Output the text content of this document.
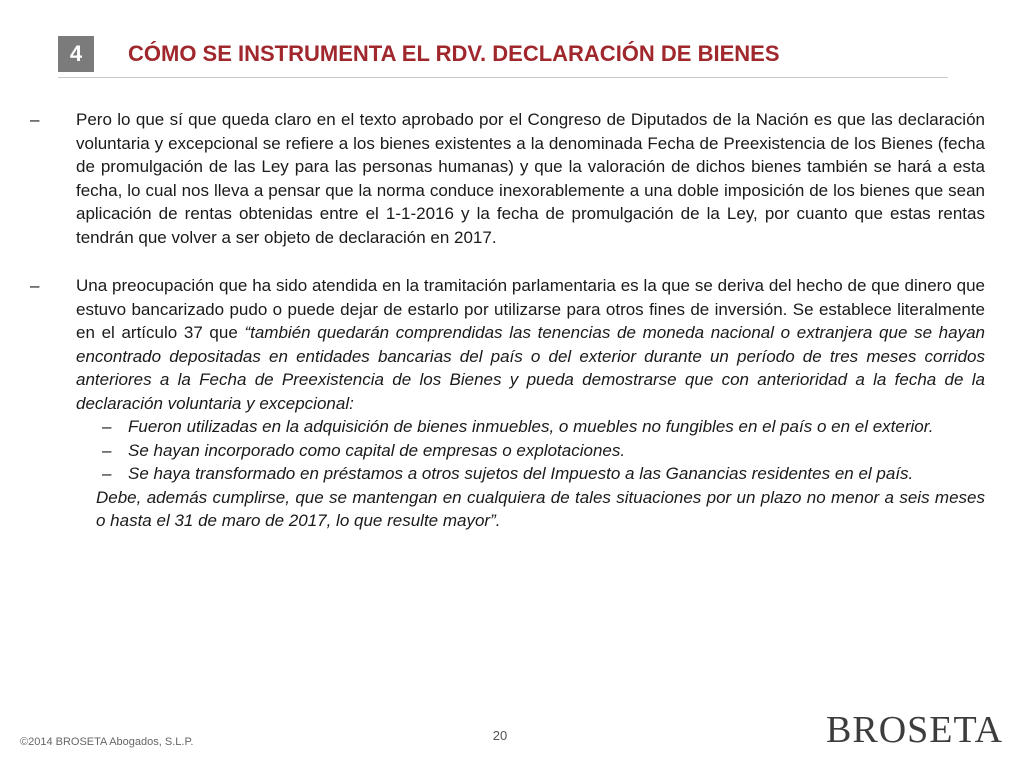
4	CÓMO SE INSTRUMENTA EL RDV. DECLARACIÓN DE BIENES
–	Pero lo que sí que queda claro en el texto aprobado por el Congreso de Diputados de la Nación es que las declaración voluntaria y excepcional se refiere a los bienes existentes a la denominada Fecha de Preexistencia de los Bienes (fecha de promulgación de las Ley para las personas humanas) y que la valoración de dichos bienes también se hará a esta fecha, lo cual nos lleva a pensar que la norma conduce inexorablemente a una doble imposición de los bienes que sean aplicación de rentas obtenidas entre el 1-1-2016 y la fecha de promulgación de la Ley, por cuanto que estas rentas tendrán que volver a ser objeto de declaración en 2017.

–	Una preocupación que ha sido atendida en la tramitación parlamentaria es la que se deriva del hecho de que dinero que estuvo bancarizado pudo o puede dejar de estarlo por utilizarse para otros fines de inversión. Se establece literalmente en el artículo 37 que “también quedarán comprendidas las tenencias de moneda nacional o extranjera que se hayan encontrado depositadas en entidades bancarias del país o del exterior durante un período de tres meses corridos anteriores a la Fecha de Preexistencia de los Bienes y pueda demostrarse que con anterioridad a la fecha de la declaración voluntaria y excepcional:

– Fueron utilizadas en la adquisición de bienes inmuebles, o muebles no fungibles en el país o en el exterior.
– Se hayan incorporado como capital de empresas o explotaciones.
– Se haya transformado en préstamos a otros sujetos del Impuesto a las Ganancias residentes en el país.

Debe, además cumplirse, que se mantengan en cualquiera de tales situaciones por un plazo no menor a seis meses o hasta el 31 de maro de 2017, lo que resulte mayor”.

20
©2014 BROSETA Abogados, S.L.P.	BROSETA
